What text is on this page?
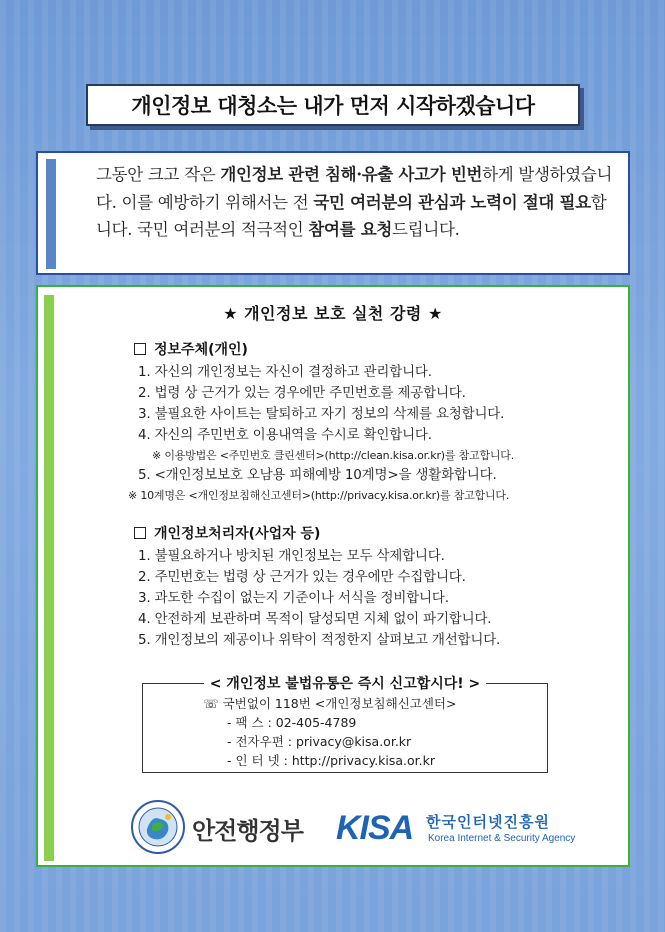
개인정보 대청소는 내가 먼저 시작하겠습니다
그동안 크고 작은 개인정보 관련 침해·유출 사고가 빈번하게 발생하였습니다. 이를 예방하기 위해서는 전 국민 여러분의 관심과 노력이 절대 필요합니다. 국민 여러분의 적극적인 참여를 요청드립니다.
★ 개인정보 보호 실천 강령 ★
정보주체(개인)
1. 자신의 개인정보는 자신이 결정하고 관리합니다.
2. 법령 상 근거가 있는 경우에만 주민번호를 제공합니다.
3. 불필요한 사이트는 탈퇴하고 자기 정보의 삭제를 요청합니다.
4. 자신의 주민번호 이용내역을 수시로 확인합니다.
※ 이용방법은 <주민번호 클린센터>(http://clean.kisa.or.kr)를 참고합니다.
5. <개인정보보호 오남용 피해예방 10계명>을 생활화합니다.
※ 10계명은 <개인정보침해신고센터>(http://privacy.kisa.or.kr)를 참고합니다.
개인정보처리자(사업자 등)
1. 불필요하거나 방치된 개인정보는 모두 삭제합니다.
2. 주민번호는 법령 상 근거가 있는 경우에만 수집합니다.
3. 과도한 수집이 없는지 기준이나 서식을 정비합니다.
4. 안전하게 보관하며 목적이 달성되면 지체 없이 파기합니다.
5. 개인정보의 제공이나 위탁이 적정한지 살펴보고 개선합니다.
< 개인정보 불법유통은 즉시 신고합시다! >
☏ 국번없이 118번 <개인정보침해신고센터>
- 팩 스 : 02-405-4789
- 전자우편 : privacy@kisa.or.kr
- 인 터 넷 : http://privacy.kisa.or.kr
안전행정부 KISA 한국인터넷진흥원
Korea Internet & Security Agency
